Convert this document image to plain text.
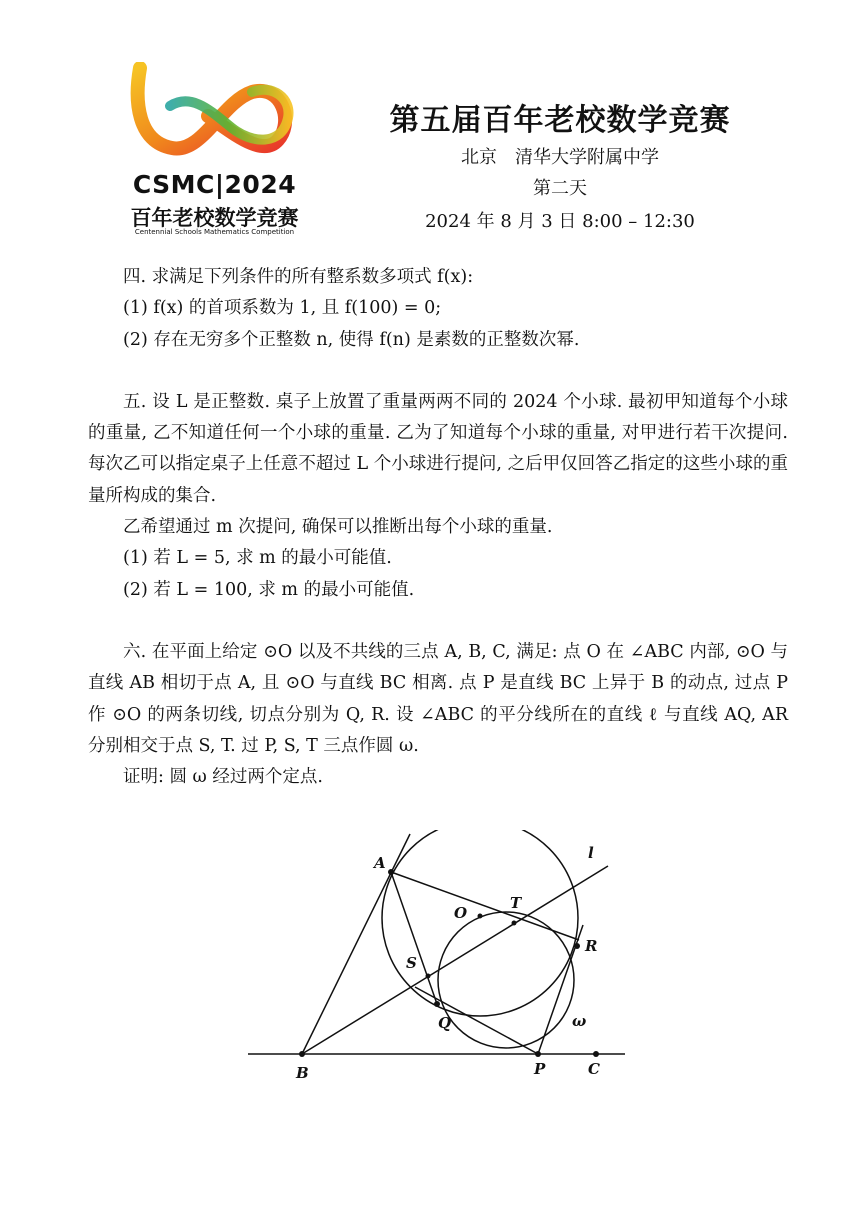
CSMC|2024
百年老校数学竞赛
Centennial Schools Mathematics Competition
第五届百年老校数学竞赛
北京　清华大学附属中学
第二天
2024 年 8 月 3 日 8:00 – 12:30

四. 求满足下列条件的所有整系数多项式 f(x):

(1) f(x) 的首项系数为 1, 且 f(100) = 0;

(2) 存在无穷多个正整数 n, 使得 f(n) 是素数的正整数次幂.

五. 设 L 是正整数. 桌子上放置了重量两两不同的 2024 个小球. 最初甲知道每个小球的重量, 乙不知道任何一个小球的重量. 乙为了知道每个小球的重量, 对甲进行若干次提问. 每次乙可以指定桌子上任意不超过 L 个小球进行提问, 之后甲仅回答乙指定的这些小球的重量所构成的集合.

乙希望通过 m 次提问, 确保可以推断出每个小球的重量.

(1) 若 L = 5, 求 m 的最小可能值.

(2) 若 L = 100, 求 m 的最小可能值.

六. 在平面上给定 ⊙O 以及不共线的三点 A, B, C, 满足: 点 O 在 ∠ABC 内部, ⊙O 与直线 AB 相切于点 A, 且 ⊙O 与直线 BC 相离. 点 P 是直线 BC 上异于 B 的动点, 过点 P 作 ⊙O 的两条切线, 切点分别为 Q, R. 设 ∠ABC 的平分线所在的直线 ℓ 与直线 AQ, AR 分别相交于点 S, T. 过 P, S, T 三点作圆 ω.

证明: 圆 ω 经过两个定点.

A
B	P	C
O
T
R
S
Q
l
ω
